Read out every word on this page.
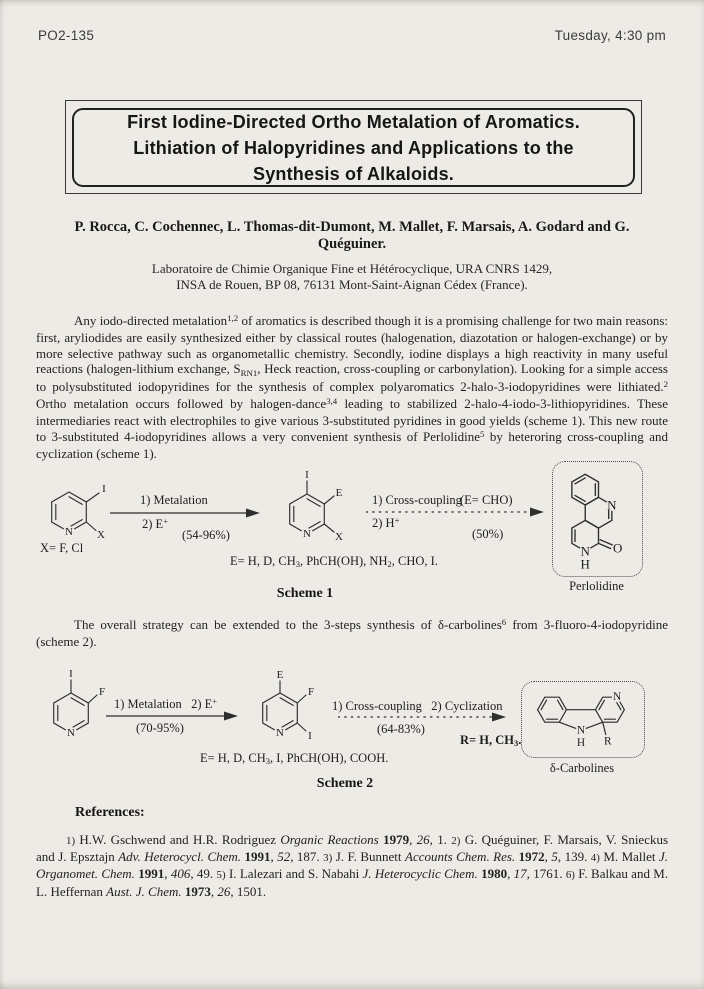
PO2-135	Tuesday, 4:30 pm
First Iodine-Directed Ortho Metalation of Aromatics.
Lithiation of Halopyridines and Applications to the
Synthesis of Alkaloids.
P. Rocca, C. Cochennec, L. Thomas-dit-Dumont, M. Mallet, F. Marsais, A. Godard and G.
Quéguiner.
Laboratoire de Chimie Organique Fine et Hétérocyclique, URA CNRS 1429,
INSA de Rouen, BP 08, 76131 Mont-Saint-Aignan Cédex (France).
Any iodo-directed metalation$^{1,2}$ of aromatics is described though it is a promising challenge for two main reasons: first, aryliodides are easily synthesized either by classical routes (halogenation, diazotation or halogen-exchange) or by more selective pathway such as organometallic chemistry. Secondly, iodine displays a high reactivity in many useful reactions (halogen-lithium exchange, SRN1, Heck reaction, cross-coupling or carbonylation). Looking for a simple access to polysubstituted iodopyridines for the synthesis of complex polyaromatics 2-halo-3-iodopyridines were lithiated.$^2$ Ortho metalation occurs followed by halogen-dance$^{3,4}$ leading to stabilized 2-halo-4-iodo-3-lithiopyridines. These intermediaries react with electrophiles to give various 3-substituted pyridines in good yields (scheme 1). This new route to 3-substituted 4-iodopyridines allows a very convenient synthesis of Perlolidine$^5$ by heteroring cross-coupling and cyclization (scheme 1).
N
I
X
X= F, Cl
1) Metalation
2) E+
(54-96%)	N
I
E
X
1) Cross-coupling
(E= CHO)
2) H+
(50%)
N
N
H
O
Perlolidine
E= H, D, CH3, PhCH(OH), NH2, CHO, I.
Scheme 1
The overall strategy can be extended to the 3-steps synthesis of δ-carbolines$^6$ from 3-fluoro-4-iodopyridine (scheme 2).
N
I
F
1) Metalation   2) E+
(70-95%)	N
E
F
I
1) Cross-coupling   2) Cyclization
(64-83%)
R= H, CH3.
N
N
H R
δ-Carbolines
E= H, D, CH3, I, PhCH(OH), COOH.
Scheme 2
References:
1) H.W. Gschwend and H.R. Rodriguez Organic Reactions 1979, 26, 1. 2) G. Quéguiner, F. Marsais, V. Snieckus and J. Epsztajn Adv. Heterocycl. Chem. 1991, 52, 187. 3) J. F. Bunnett Accounts Chem. Res. 1972, 5, 139. 4) M. Mallet J. Organomet. Chem. 1991, 406, 49. 5) I. Lalezari and S. Nabahi J. Heterocyclic Chem. 1980, 17, 1761. 6) F. Balkau and M. L. Heffernan Aust. J. Chem. 1973, 26, 1501.
